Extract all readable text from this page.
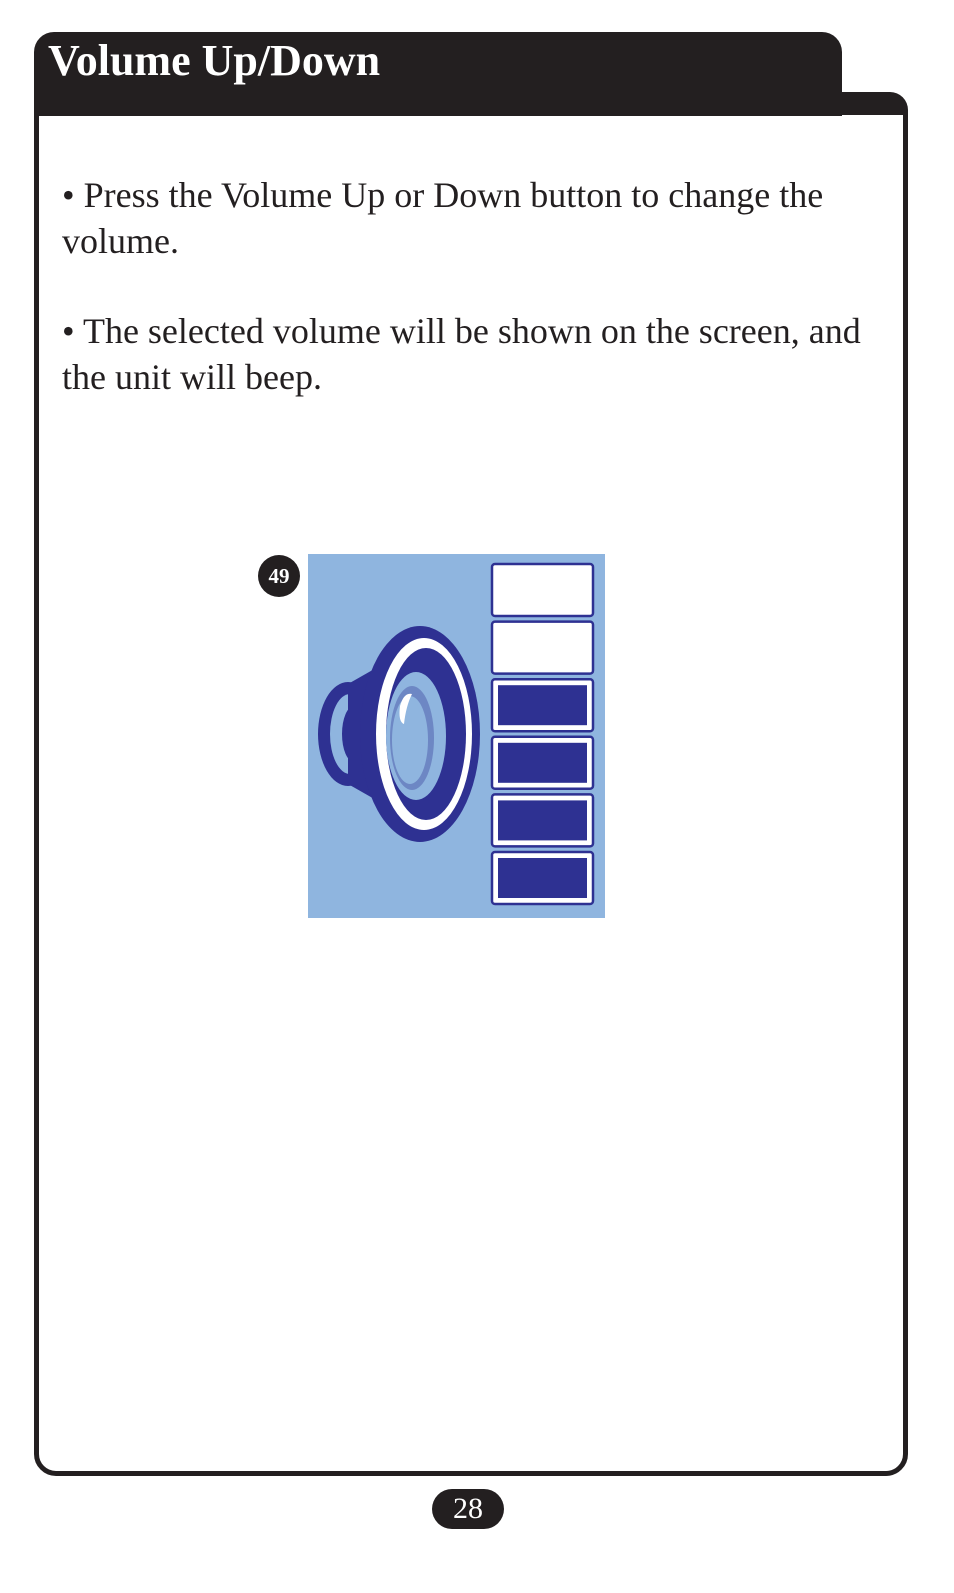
Volume Up/Down

• Press the Volume Up or Down button to change the volume.

• The selected volume will be shown on the screen, and the unit will beep.

49
28
